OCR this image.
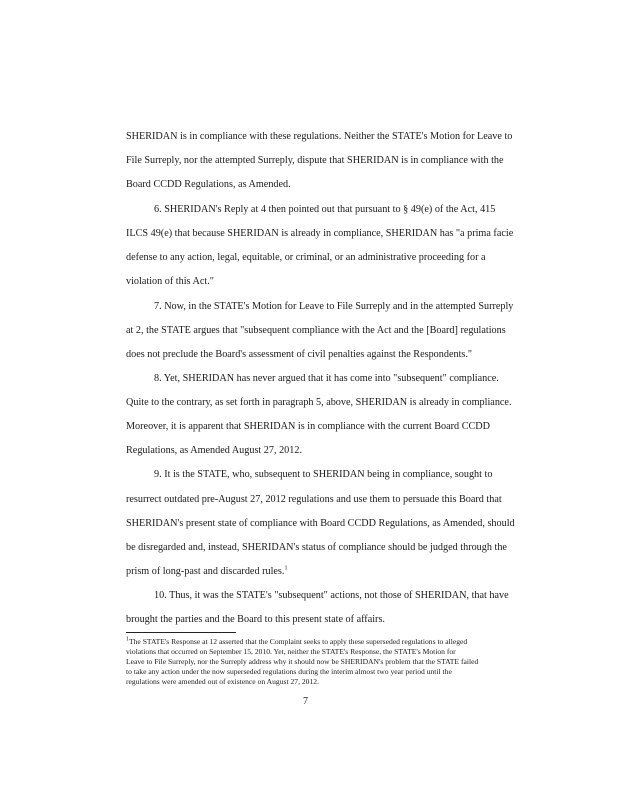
SHERIDAN is in compliance with these regulations. Neither the STATE's Motion for Leave to
File Surreply, nor the attempted Surreply, dispute that SHERIDAN is in compliance with the
Board CCDD Regulations, as Amended.
6. SHERIDAN's Reply at 4 then pointed out that pursuant to § 49(e) of the Act, 415
ILCS 49(e) that because SHERIDAN is already in compliance, SHERIDAN has "a prima facie
defense to any action, legal, equitable, or criminal, or an administrative proceeding for a
violation of this Act."
7. Now, in the STATE's Motion for Leave to File Surreply and in the attempted Surreply
at 2, the STATE argues that "subsequent compliance with the Act and the [Board] regulations
does not preclude the Board's assessment of civil penalties against the Respondents."
8. Yet, SHERIDAN has never argued that it has come into "subsequent" compliance.
Quite to the contrary, as set forth in paragraph 5, above, SHERIDAN is already in compliance.
Moreover, it is apparent that SHERIDAN is in compliance with the current Board CCDD
Regulations, as Amended August 27, 2012.
9. It is the STATE, who, subsequent to SHERIDAN being in compliance, sought to
resurrect outdated pre-August 27, 2012 regulations and use them to persuade this Board that
SHERIDAN's present state of compliance with Board CCDD Regulations, as Amended, should
be disregarded and, instead, SHERIDAN's status of compliance should be judged through the
prism of long-past and discarded rules.$^1$
10. Thus, it was the STATE's "subsequent" actions, not those of SHERIDAN, that have
brought the parties and the Board to this present state of affairs.
$^1$The STATE's Response at 12 asserted that the Complaint seeks to apply these superseded regulations to alleged
violations that occurred on September 15, 2010. Yet, neither the STATE's Response, the STATE's Motion for
Leave to File Surreply, nor the Surreply address why it should now be SHERIDAN's problem that the STATE failed
to take any action under the now superseded regulations during the interim almost two year period until the
regulations were amended out of existence on August 27, 2012.
7
